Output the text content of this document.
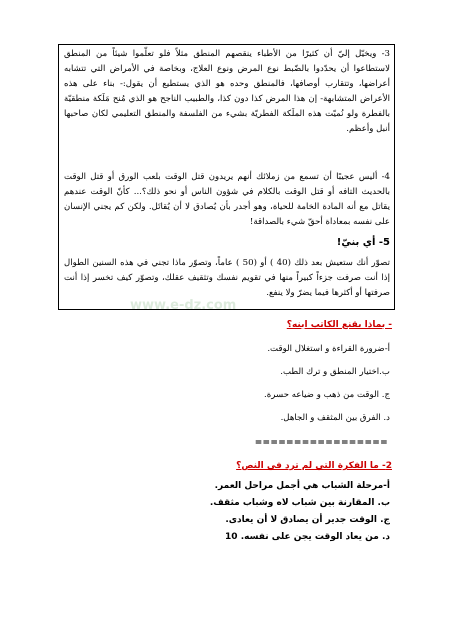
3- ويخيّل إليّ أن كثيرًا من الأطباء ينقصهم المنطق مثلاً فلو تعلّموا شيئاً من المنطق لاستطاعوا أن يحدّدوا بالضّبط نوع المرض ونوع العلاج، وبخاصة في الأمراض التي تتشابه أعراضها، وتتقارب أوصافها، فالمنطق وحده هو الذي يستطيع أن يقول:- بناء على هذه الأعراض المتشابهة- إن هذا المرض كذا دون كذا، والطبيب الناجح هو الذي مُنح مَلَكة منطقيّة بالفطرة ولو نُميّت هذه الملَكة الفطريّة بشيء من الفلسفة والمنطق التعليمي لكان صاحبها أنبل وأعظم.

4- أليس عجيبًا أن تسمع من زملائك أنهم يريدون قتل الوقت بلعب الورق أو قتل الوقت بالحديث التافه أو قتل الوقت بالكلام في شؤون الناس أو نحو ذلك؟... كأنّ الوقت عندهم يقاتل مع أنه المادة الخامة للحياة، وهو أجدر بأن يُصادق لا أن يُقاتَل. ولكن كم يجني الإنسان على نفسه بمعاداة أحقّ شيء بالصداقة!

5- أي بنيّ!

تصوّر أنك ستعيش بعد ذلك (40 ) أو (50 ) عاماً، وتصوّر ماذا تجني في هذه السنين الطوال إذا أنت صرفت جزءاً كبيراً منها في تقويم نفسك وتثقيف عقلك، وتصوّر كيف تخسر إذا أنت صرفتها أو أكثرها فيما يضرّ ولا ينفع.

www.e-dz.com
- بماذا يقنع الكاتب ابنه؟
أ-ضرورة القراءة و استغلال الوقت.
ب.اختيار المنطق و ترك الطب.
ج. الوقت من ذهب و ضياعه حسرة.
د. الفرق بين المثقف و الجاهل.
=================
2- ما الفكرة التي لم ترد في النص؟
أ-مرحلة الشباب هي أجمل مراحل العمر.
ب. المقارنة بين شباب لاه وشباب مثقف.
ج. الوقت جدير أن يصادق لا أن يعادى.
د. من يعاد الوقت يجن على نفسه. 10
